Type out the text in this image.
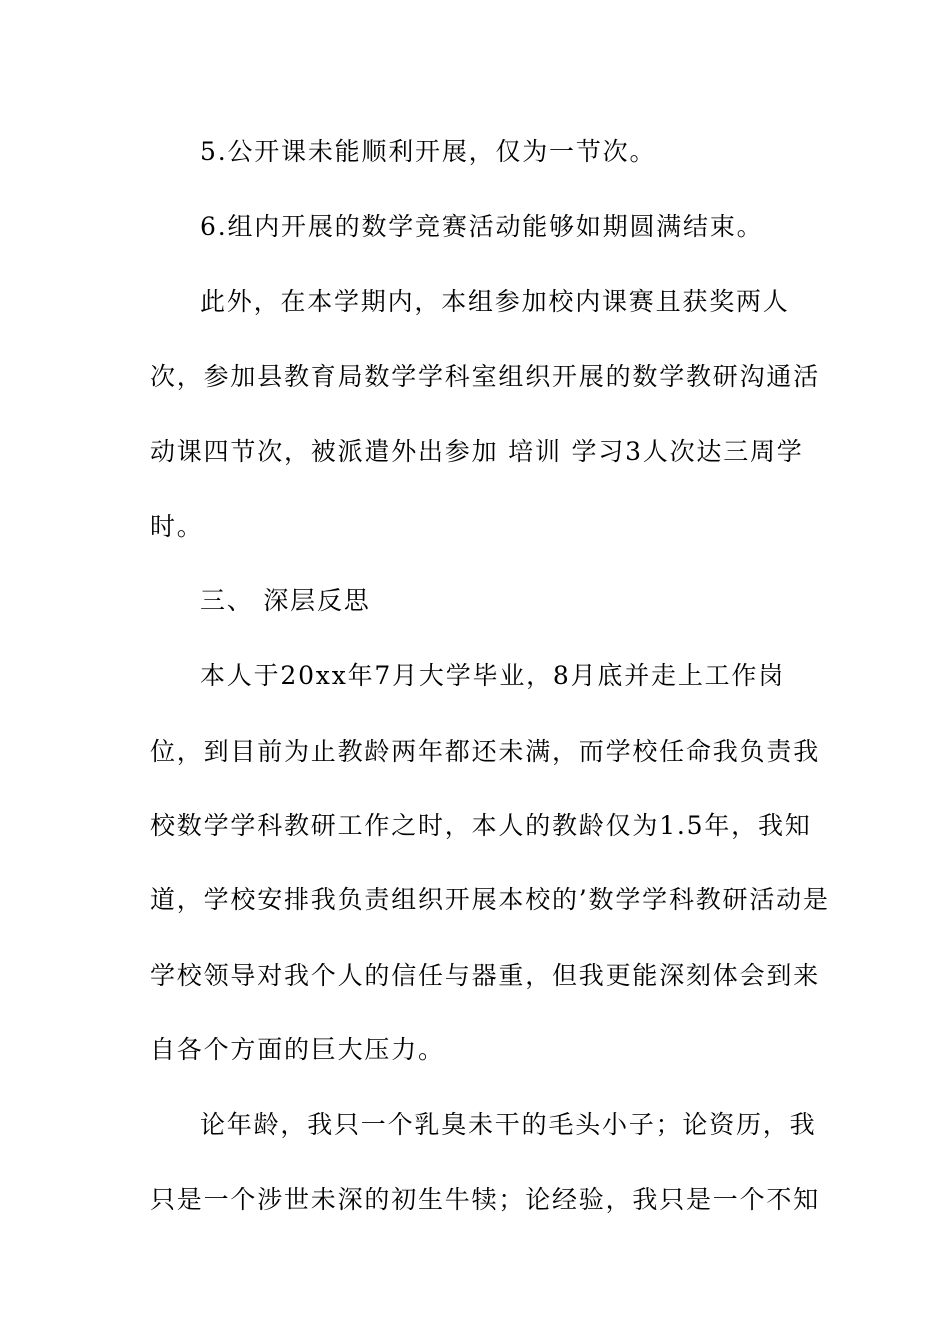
5.公开课未能顺利开展，仅为一节次。
6.组内开展的数学竞赛活动能够如期圆满结束。
此外，在本学期内，本组参加校内课赛且获奖两人
次，参加县教育局数学学科室组织开展的数学教研沟通活
动课四节次，被派遣外出参加 培训 学习3人次达三周学
时。
三、 深层反思
本人于20xx年7月大学毕业，8月底并走上工作岗
位，到目前为止教龄两年都还未满，而学校任命我负责我
校数学学科教研工作之时，本人的教龄仅为1.5年，我知
道，学校安排我负责组织开展本校的’数学学科教研活动是
学校领导对我个人的信任与器重，但我更能深刻体会到来
自各个方面的巨大压力。
论年龄，我只一个乳臭未干的毛头小子；论资历，我
只是一个涉世未深的初生牛犊；论经验，我只是一个不知
